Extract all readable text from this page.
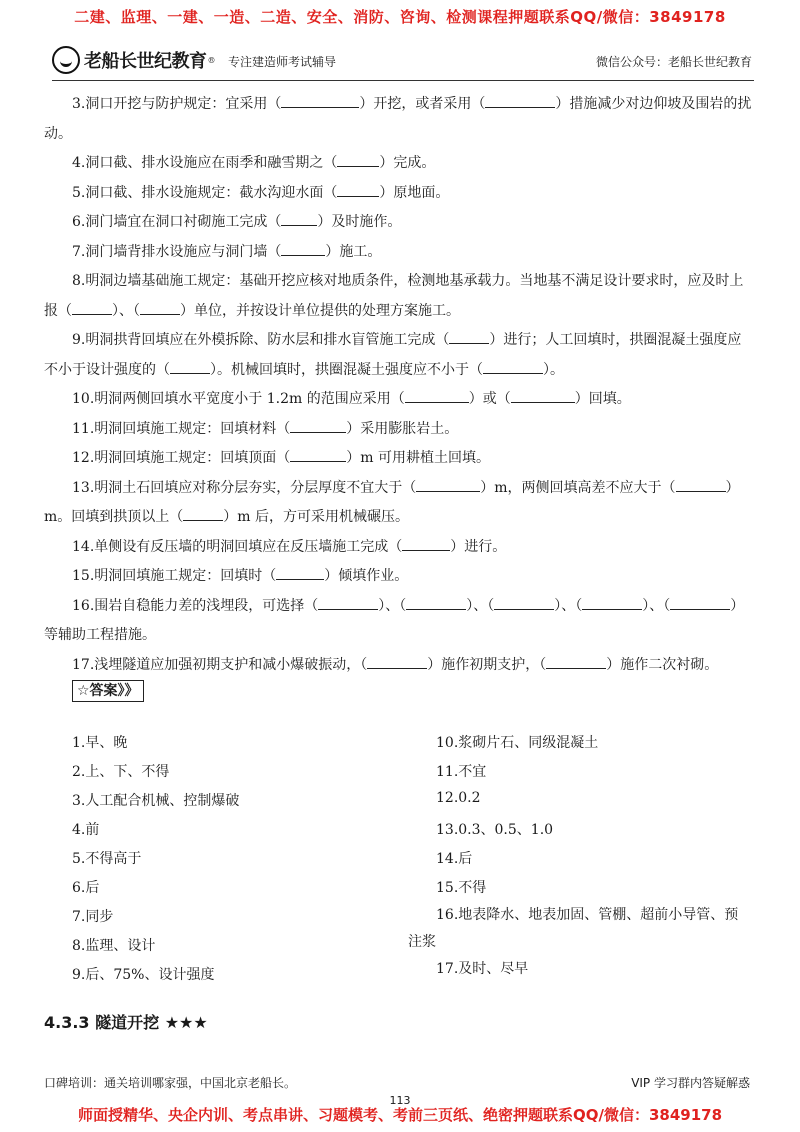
二建、监理、一建、一造、二造、安全、消防、咨询、检测课程押题联系QQ/微信：3849178
老船长世纪教育 ® 专注建造师考试辅导	微信公众号：老船长世纪教育

3.洞口开挖与防护规定：宜采用（	）开挖，或者采用（	）措施减少对边仰坡及围岩的扰动。

4.洞口截、排水设施应在雨季和融雪期之（	）完成。

5.洞口截、排水设施规定：截水沟迎水面（	）原地面。

6.洞门墙宜在洞口衬砌施工完成（	）及时施作。

7.洞门墙背排水设施应与洞门墙（	）施工。

8.明洞边墙基础施工规定：基础开挖应核对地质条件，检测地基承载力。当地基不满足设计要求时，应及时上报（	）、（	）单位，并按设计单位提供的处理方案施工。

9.明洞拱背回填应在外模拆除、防水层和排水盲管施工完成（	）进行；人工回填时，拱圈混凝土强度应不小于设计强度的（	）。机械回填时，拱圈混凝土强度应不小于（	）。

10.明洞两侧回填水平宽度小于 1.2m 的范围应采用（	）或（	）回填。

11.明洞回填施工规定：回填材料（	）采用膨胀岩土。

12.明洞回填施工规定：回填顶面（	）m 可用耕植土回填。

13.明洞土石回填应对称分层夯实，分层厚度不宜大于（	）m，两侧回填高差不应大于（	）m。回填到拱顶以上（	）m 后，方可采用机械碾压。

14.单侧设有反压墙的明洞回填应在反压墙施工完成（	）进行。

15.明洞回填施工规定：回填时（	）倾填作业。

16.围岩自稳能力差的浅埋段，可选择（	）、（	）、（	）、（	）、（	）等辅助工程措施。

17.浅埋隧道应加强初期支护和减小爆破振动，（	）施作初期支护，（	）施作二次衬砌。

☆答案》》
1.早、晚
2.上、下、不得
3.人工配合机械、控制爆破
4.前
5.不得高于
6.后
7.同步
8.监理、设计
9.后、75%、设计强度
10.浆砌片石、同级混凝土
11.不宜
12.0.2
13.0.3、0.5、1.0
14.后
15.不得
16.地表降水、地表加固、管棚、超前小导管、预注浆
17.及时、尽早
4.3.3 隧道开挖 ★★★
口碑培训：通关培训哪家强，中国北京老船长。	VIP 学习群内答疑解惑
113
师面授精华、央企内训、考点串讲、习题模考、考前三页纸、绝密押题联系QQ/微信：3849178
